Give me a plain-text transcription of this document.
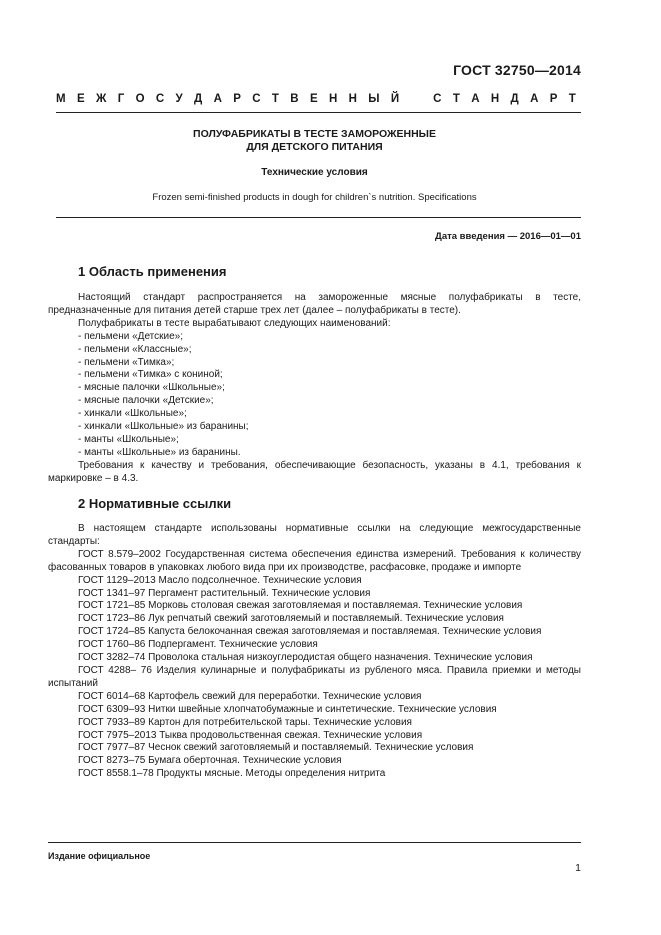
ГОСТ 32750—2014
М Е Ж Г О С У Д А Р С Т В Е Н Н Ы Й	С Т А Н Д А Р Т
ПОЛУФАБРИКАТЫ В ТЕСТЕ ЗАМОРОЖЕННЫЕ
ДЛЯ ДЕТСКОГО ПИТАНИЯ
Технические условия
Frozen semi-finished products in dough for children`s nutrition. Specifications
Дата введения — 2016—01—01
1 Область применения

Настоящий стандарт распространяется на замороженные мясные полуфабрикаты в тесте, предназначенные для питания детей старше трех лет (далее – полуфабрикаты в тесте).

Полуфабрикаты в тесте вырабатывают следующих наименований:

- пельмени «Детские»;

- пельмени «Классные»;

- пельмени «Тимка»;

- пельмени «Тимка» с кониной;

- мясные палочки «Школьные»;

- мясные палочки «Детские»;

- хинкали «Школьные»;

- хинкали «Школьные» из баранины;

- манты «Школьные»;

- манты «Школьные» из баранины.

Требования к качеству и требования, обеспечивающие безопасность, указаны в 4.1, требования к маркировке – в 4.3.

2 Нормативные ссылки

В настоящем стандарте использованы нормативные ссылки на следующие межгосударственные стандарты:

ГОСТ 8.579–2002 Государственная система обеспечения единства измерений. Требования к количеству фасованных товаров в упаковках любого вида при их производстве, расфасовке, продаже и импорте

ГОСТ 1129–2013 Масло подсолнечное. Технические условия

ГОСТ 1341–97 Пергамент растительный. Технические условия

ГОСТ 1721–85 Морковь столовая свежая заготовляемая и поставляемая. Технические условия

ГОСТ 1723–86 Лук репчатый свежий заготовляемый и поставляемый. Технические условия

ГОСТ 1724–85 Капуста белокочанная свежая заготовляемая и поставляемая. Технические условия

ГОСТ 1760–86 Подпергамент. Технические условия

ГОСТ 3282–74 Проволока стальная низкоуглеродистая общего назначения. Технические условия

ГОСТ 4288– 76 Изделия кулинарные и полуфабрикаты из рубленого мяса. Правила приемки и методы испытаний

ГОСТ 6014–68 Картофель свежий для переработки. Технические условия

ГОСТ 6309–93 Нитки швейные хлопчатобумажные и синтетические. Технические условия

ГОСТ 7933–89 Картон для потребительской тары. Технические условия

ГОСТ 7975–2013 Тыква продовольственная свежая. Технические условия

ГОСТ 7977–87 Чеснок свежий заготовляемый и поставляемый. Технические условия

ГОСТ 8273–75 Бумага оберточная. Технические условия

ГОСТ 8558.1–78 Продукты мясные. Методы определения нитрита

Издание официальное
1
